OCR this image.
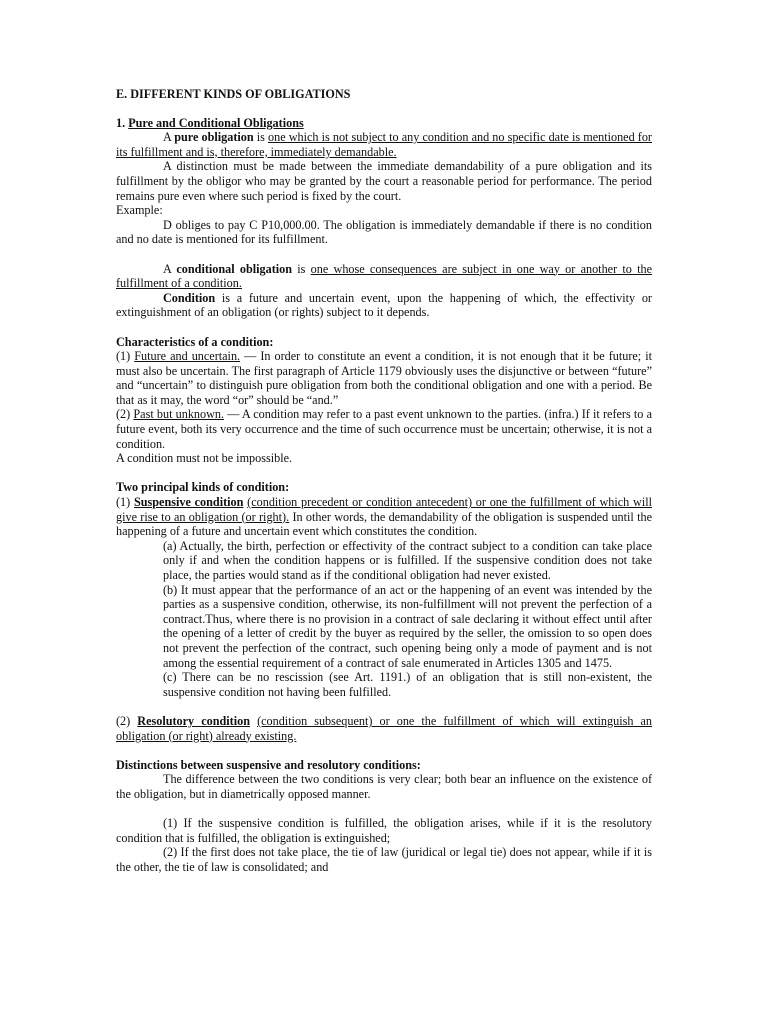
E. DIFFERENT KINDS OF OBLIGATIONS

1. Pure and Conditional Obligations

A pure obligation is one which is not subject to any condition and no specific date is mentioned for its fulfillment and is, therefore, immediately demandable.

A distinction must be made between the immediate demandability of a pure obligation and its fulfillment by the obligor who may be granted by the court a reasonable period for performance. The period remains pure even where such period is fixed by the court.

Example:

D obliges to pay C P10,000.00. The obligation is immediately demandable if there is no condition and no date is mentioned for its fulfillment.

A conditional obligation is one whose consequences are subject in one way or another to the fulfillment of a condition.

Condition is a future and uncertain event, upon the happening of which, the effectivity or extinguishment of an obligation (or rights) subject to it depends.

Characteristics of a condition:

(1) Future and uncertain. — In order to constitute an event a condition, it is not enough that it be future; it must also be uncertain. The first paragraph of Article 1179 obviously uses the disjunctive or between “future” and “uncertain” to distinguish pure obligation from both the conditional obligation and one with a period. Be that as it may, the word “or” should be “and.”

(2) Past but unknown. — A condition may refer to a past event unknown to the parties. (infra.) If it refers to a future event, both its very occurrence and the time of such occurrence must be uncertain; otherwise, it is not a condition.

A condition must not be impossible.

Two principal kinds of condition:

(1) Suspensive condition (condition precedent or condition antecedent) or one the fulfillment of which will give rise to an obligation (or right). In other words, the demandability of the obligation is suspended until the happening of a future and uncertain event which constitutes the condition.

(a) Actually, the birth, perfection or effectivity of the contract subject to a condition can take place only if and when the condition happens or is fulfilled. If the suspensive condition does not take place, the parties would stand as if the conditional obligation had never existed.

(b) It must appear that the performance of an act or the happening of an event was intended by the parties as a suspensive condition, otherwise, its non-fulfillment will not prevent the perfection of a contract.Thus, where there is no provision in a contract of sale declaring it without effect until after the opening of a letter of credit by the buyer as required by the seller, the omission to so open does not prevent the perfection of the contract, such opening being only a mode of payment and is not among the essential requirement of a contract of sale enumerated in Articles 1305 and 1475.

(c) There can be no rescission (see Art. 1191.) of an obligation that is still non-existent, the suspensive condition not having been fulfilled.

(2) Resolutory condition (condition subsequent) or one the fulfillment of which will extinguish an obligation (or right) already existing.

Distinctions between suspensive and resolutory conditions:

The difference between the two conditions is very clear; both bear an influence on the existence of the obligation, but in diametrically opposed manner.

(1) If the suspensive condition is fulfilled, the obligation arises, while if it is the resolutory condition that is fulfilled, the obligation is extinguished;

(2) If the first does not take place, the tie of law (juridical or legal tie) does not appear, while if it is the other, the tie of law is consolidated; and
